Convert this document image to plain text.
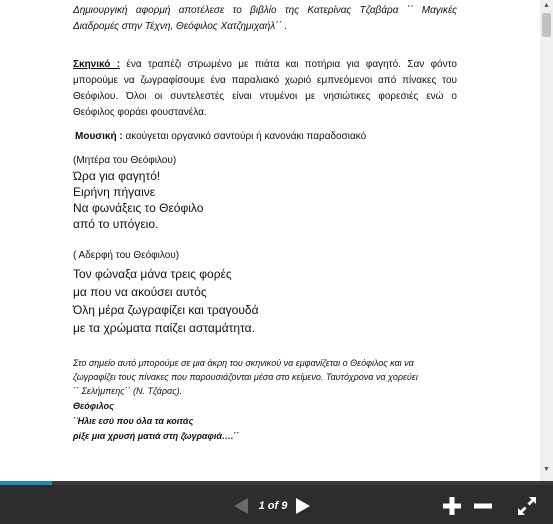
Δημιουργική αφορμή αποτέλεσε το βιβλίο της Κατερίνας Τζαβάρα ΄΄ Μαγικές
Διαδρομές στην Τέχνη, Θεόφιλος Χατζημιχαήλ΄΄ .
Σκηνικό : ένα τραπέζι στρωμένο με πιάτα και ποτήρια για φαγητό. Σαν φόντο
μπορούμε να ζωγραφίσουμε ένα παραλιακό χωριό εμπνεόμενοι από πίνακες του
Θεόφιλου. Όλοι οι συντελεστές είναι ντυμένοι με νησιώτικες φορεσιές ενώ ο
Θεόφιλος φοράει φουστανέλα.
Μουσική : ακούγεται οργανικό σαντούρι ή κανονάκι παραδοσιακό
(Μητέρα του Θεόφιλου)
Ώρα για φαγητό!
Ειρήνη πήγαινε
Να φωνάξεις το Θεόφιλο
από το υπόγειο.
( Αδερφή του Θεόφιλου)
Τον φώναξα μάνα τρεις φορές
μα που να ακούσει αυτός
Όλη μέρα ζωγραφίζει και τραγουδά
με τα χρώματα παίζει ασταμάτητα.
Στο σημείο αυτό μπορούμε σε μια άκρη του σκηνικού να εμφανίζεται ο Θεόφιλος και να
ζωγραφίζει τους πίνακες που παρουσιάζονται μέσα στο κείμενο. Ταυτόχρονα να χορεύει
΄΄ Σελήμπεης΄΄ (Ν. Τζάρας).
Θεόφιλος
΄Ήλιε εσύ που όλα τα κοιτάς
ρίξε μια χρυσή ματιά στη ζωγραφιά….΄΄
▲
▼
1 of 9
